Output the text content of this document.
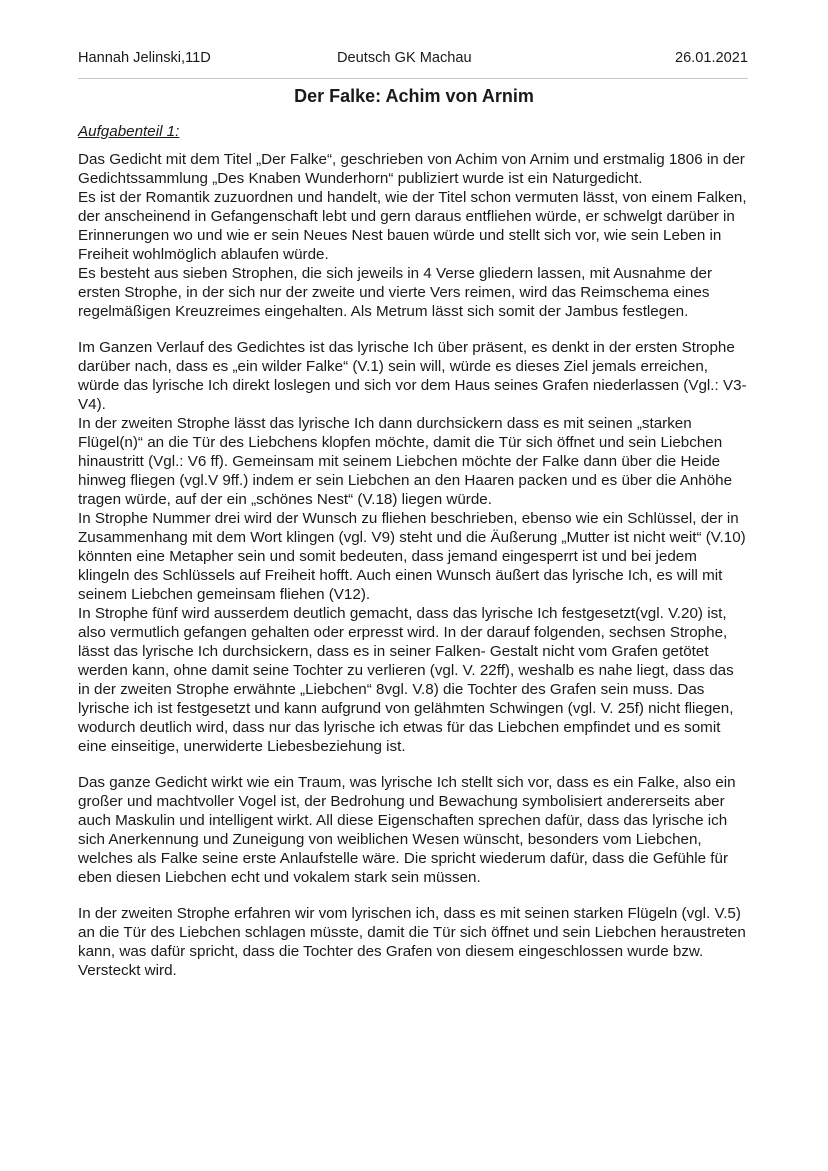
Hannah Jelinski,11D	Deutsch GK Machau	26.01.2021
Der Falke: Achim von Arnim
Aufgabenteil 1:

Das Gedicht mit dem Titel „Der Falke“, geschrieben von Achim von Arnim und erstmalig 1806 in der Gedichtssammlung „Des Knaben Wunderhorn“ publiziert wurde ist ein Naturgedicht.

Es ist der Romantik zuzuordnen und handelt, wie der Titel schon vermuten lässt, von einem Falken, der anscheinend in Gefangenschaft lebt und gern daraus entfliehen würde, er schwelgt darüber in Erinnerungen wo und wie er sein Neues Nest bauen würde und stellt sich vor, wie sein Leben in Freiheit wohlmöglich ablaufen würde.

Es besteht aus sieben Strophen, die sich jeweils in 4 Verse gliedern lassen, mit Ausnahme der ersten Strophe, in der sich nur der zweite und vierte Vers reimen, wird das Reimschema eines regelmäßigen Kreuzreimes eingehalten. Als Metrum lässt sich somit der Jambus festlegen.

Im Ganzen Verlauf des Gedichtes ist das lyrische Ich über präsent, es denkt in der ersten Strophe darüber nach, dass es „ein wilder Falke“ (V.1) sein will, würde es dieses Ziel jemals erreichen, würde das lyrische Ich direkt loslegen und sich vor dem Haus seines Grafen niederlassen (Vgl.: V3-V4).

In der zweiten Strophe lässt das lyrische Ich dann durchsickern dass es mit seinen „starken Flügel(n)“ an die Tür des Liebchens klopfen möchte, damit die Tür sich öffnet und sein Liebchen hinaustritt (Vgl.: V6 ff). Gemeinsam mit seinem Liebchen möchte der Falke dann über die Heide hinweg fliegen (vgl.V 9ff.) indem er sein Liebchen an den Haaren packen und es über die Anhöhe tragen würde, auf der ein „schönes Nest“ (V.18) liegen würde.

In Strophe Nummer drei wird der Wunsch zu fliehen beschrieben, ebenso wie ein Schlüssel, der in Zusammenhang mit dem Wort klingen (vgl. V9) steht und die Äußerung „Mutter ist nicht weit“ (V.10) könnten eine Metapher sein und somit bedeuten, dass jemand eingesperrt ist und bei jedem klingeln des Schlüssels auf Freiheit hofft. Auch einen Wunsch äußert das lyrische Ich, es will mit seinem Liebchen gemeinsam fliehen (V12).

In Strophe fünf wird ausserdem deutlich gemacht, dass das lyrische Ich festgesetzt(vgl. V.20) ist, also vermutlich gefangen gehalten oder erpresst wird. In der darauf folgenden, sechsen Strophe, lässt das lyrische Ich durchsickern, dass es in seiner Falken- Gestalt nicht vom Grafen getötet werden kann, ohne damit seine Tochter zu verlieren (vgl. V. 22ff), weshalb es nahe liegt, dass das in der zweiten Strophe erwähnte „Liebchen“ 8vgl. V.8) die Tochter des Grafen sein muss. Das lyrische ich ist festgesetzt und kann aufgrund von gelähmten Schwingen (vgl. V. 25f) nicht fliegen, wodurch deutlich wird, dass nur das lyrische ich etwas für das Liebchen empfindet und es somit eine einseitige, unerwiderte Liebesbeziehung ist.

Das ganze Gedicht wirkt wie ein Traum, was lyrische Ich stellt sich vor, dass es ein Falke, also ein großer und machtvoller Vogel ist, der Bedrohung und Bewachung symbolisiert andererseits aber auch Maskulin und intelligent wirkt. All diese Eigenschaften sprechen dafür, dass das lyrische ich sich Anerkennung und Zuneigung von weiblichen Wesen wünscht, besonders vom Liebchen, welches als Falke seine erste Anlaufstelle wäre. Die spricht wiederum dafür, dass die Gefühle für eben diesen Liebchen echt und vokalem stark sein müssen.

In der zweiten Strophe erfahren wir vom lyrischen ich, dass es mit seinen starken Flügeln (vgl. V.5) an die Tür des Liebchen schlagen müsste, damit die Tür sich öffnet und sein Liebchen heraustreten kann, was dafür spricht, dass die Tochter des Grafen von diesem eingeschlossen wurde bzw. Versteckt wird.
